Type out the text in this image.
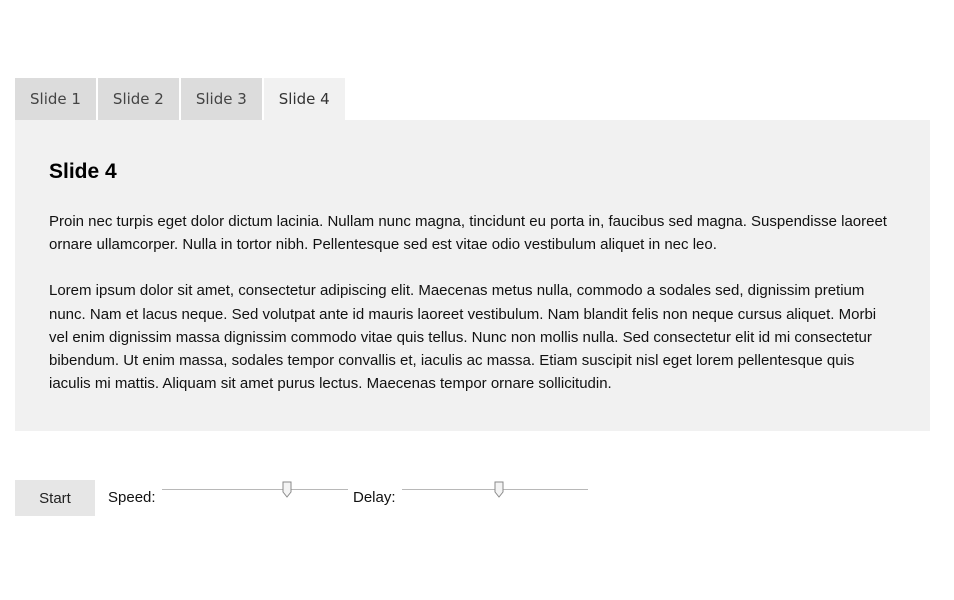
Slide 1	Slide 2	Slide 3	Slide 4
Slide 4

Proin nec turpis eget dolor dictum lacinia. Nullam nunc magna, tincidunt eu porta in, faucibus sed magna. Suspendisse laoreet ornare ullamcorper. Nulla in tortor nibh. Pellentesque sed est vitae odio vestibulum aliquet in nec leo.

Lorem ipsum dolor sit amet, consectetur adipiscing elit. Maecenas metus nulla, commodo a sodales sed, dignissim pretium nunc. Nam et lacus neque. Sed volutpat ante id mauris laoreet vestibulum. Nam blandit felis non neque cursus aliquet. Morbi vel enim dignissim massa dignissim commodo vitae quis tellus. Nunc non mollis nulla. Sed consectetur elit id mi consectetur bibendum. Ut enim massa, sodales tempor convallis et, iaculis ac massa. Etiam suscipit nisl eget lorem pellentesque quis iaculis mi mattis. Aliquam sit amet purus lectus. Maecenas tempor ornare sollicitudin.

Start	Speed:	Delay:
